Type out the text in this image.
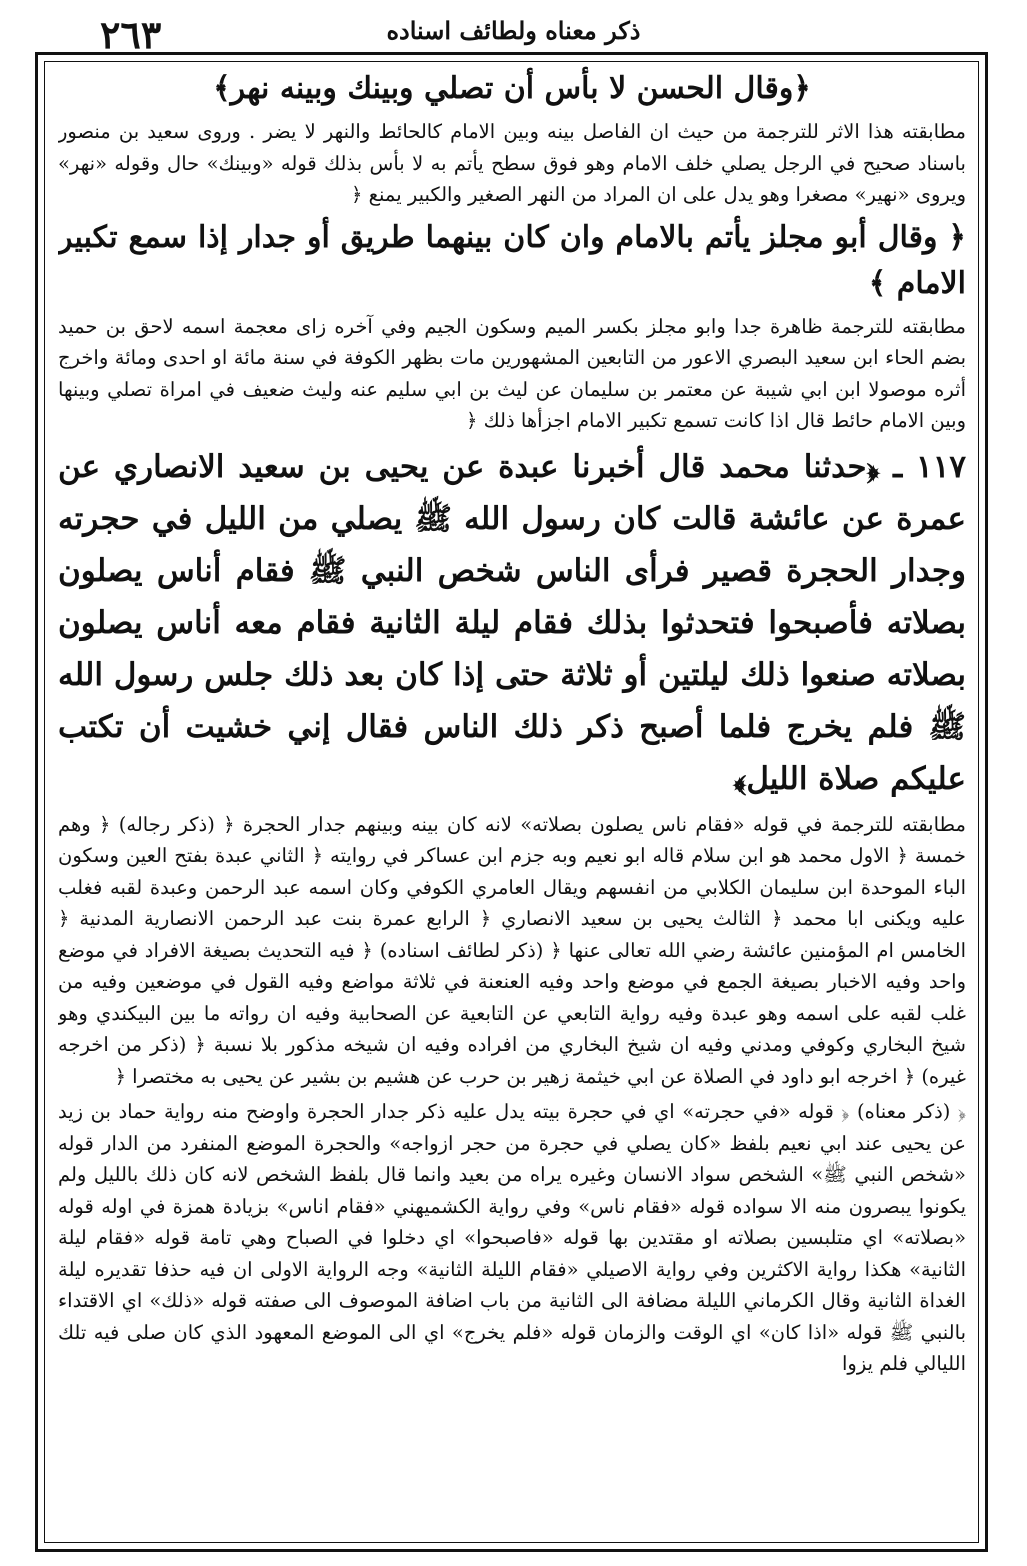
٢٦٣	ذکر معناه ولطائف اسناده

﴿وقال الحسن لا بأس أن تصلي وبينك وبينه نهر﴾

مطابقته هذا الاثر للترجمة من حيث ان الفاصل بينه وبين الامام كالحائط والنهر لا يضر . وروى سعيد بن منصور باسناد صحيح في الرجل يصلي خلف الامام وهو فوق سطح يأتم به لا بأس بذلك قوله «وبينك» حال وقوله «نهر» ويروى «نهير» مصغرا وهو يدل على ان المراد من النهر الصغير والكبير يمنع ﴿

﴿ وقال أبو مجلز يأتم بالامام وان كان بينهما طريق أو جدار إذا سمع تكبير الامام ﴾

مطابقته للترجمة ظاهرة جدا وابو مجلز بكسر الميم وسكون الجيم وفي آخره زاى معجمة اسمه لاحق بن حميد بضم الحاء ابن سعيد البصري الاعور من التابعين المشهورين مات بظهر الكوفة في سنة مائة او احدى ومائة واخرج أثره موصولا ابن ابي شيبة عن معتمر بن سليمان عن ليث بن ابي سليم عنه وليث ضعيف في امراة تصلي وبينها وبين الامام حائط قال اذا كانت تسمع تكبير الامام اجزأها ذلك ﴿

١١٧ ـ ﴿حدثنا محمد قال أخبرنا عبدة عن يحيى بن سعيد الانصاري عن عمرة عن عائشة قالت كان رسول الله ﷺ يصلي من الليل في حجرته وجدار الحجرة قصير فرأى الناس شخص النبي ﷺ فقام أناس يصلون بصلاته فأصبحوا فتحدثوا بذلك فقام ليلة الثانية فقام معه أناس يصلون بصلاته صنعوا ذلك ليلتين أو ثلاثة حتى إذا كان بعد ذلك جلس رسول الله ﷺ فلم يخرج فلما أصبح ذكر ذلك الناس فقال إني خشيت أن تكتب عليكم صلاة الليل﴾

مطابقته للترجمة في قوله «فقام ناس يصلون بصلاته» لانه كان بينه وبينهم جدار الحجرة ﴿ (ذكر رجاله) ﴿ وهم خمسة ﴿ الاول محمد هو ابن سلام قاله ابو نعيم وبه جزم ابن عساكر في روايته ﴿ الثاني عبدة بفتح العين وسكون الباء الموحدة ابن سليمان الكلابي من انفسهم ويقال العامري الكوفي وكان اسمه عبد الرحمن وعبدة لقبه فغلب عليه ويكنى ابا محمد ﴿ الثالث يحيى بن سعيد الانصاري ﴿ الرابع عمرة بنت عبد الرحمن الانصارية المدنية ﴿ الخامس ام المؤمنين عائشة رضي الله تعالى عنها ﴿ (ذكر لطائف اسناده) ﴿ فيه التحديث بصيغة الافراد في موضع واحد وفيه الاخبار بصيغة الجمع في موضع واحد وفيه العنعنة في ثلاثة مواضع وفيه القول في موضعين وفيه من غلب لقبه على اسمه وهو عبدة وفيه رواية التابعي عن التابعية عن الصحابية وفيه ان رواته ما بين البيكندي وهو شيخ البخاري وكوفي ومدني وفيه ان شيخ البخاري من افراده وفيه ان شيخه مذكور بلا نسبة ﴿ (ذكر من اخرجه غيره) ﴿ اخرجه ابو داود في الصلاة عن ابي خيثمة زهير بن حرب عن هشيم بن بشير عن يحيى به مختصرا ﴿

﴿ (ذكر معناه) ﴿ قوله «في حجرته» اي في حجرة بيته يدل عليه ذكر جدار الحجرة واوضح منه رواية حماد بن زيد عن يحيى عند ابي نعيم بلفظ «كان يصلي في حجرة من حجر ازواجه» والحجرة الموضع المنفرد من الدار قوله «شخص النبي ﷺ» الشخص سواد الانسان وغيره يراه من بعيد وانما قال بلفظ الشخص لانه كان ذلك بالليل ولم يكونوا يبصرون منه الا سواده قوله «فقام ناس» وفي رواية الكشميهني «فقام اناس» بزيادة همزة في اوله قوله «بصلاته» اي متلبسين بصلاته او مقتدين بها قوله «فاصبحوا» اي دخلوا في الصباح وهي تامة قوله «فقام ليلة الثانية» هكذا رواية الاكثرين وفي رواية الاصيلي «فقام الليلة الثانية» وجه الرواية الاولى ان فيه حذفا تقديره ليلة الغداة الثانية وقال الكرماني الليلة مضافة الى الثانية من باب اضافة الموصوف الى صفته قوله «ذلك» اي الاقتداء بالنبي ﷺ قوله «اذا كان» اي الوقت والزمان قوله «فلم يخرج» اي الى الموضع المعهود الذي كان صلى فيه تلك الليالي فلم يزوا
